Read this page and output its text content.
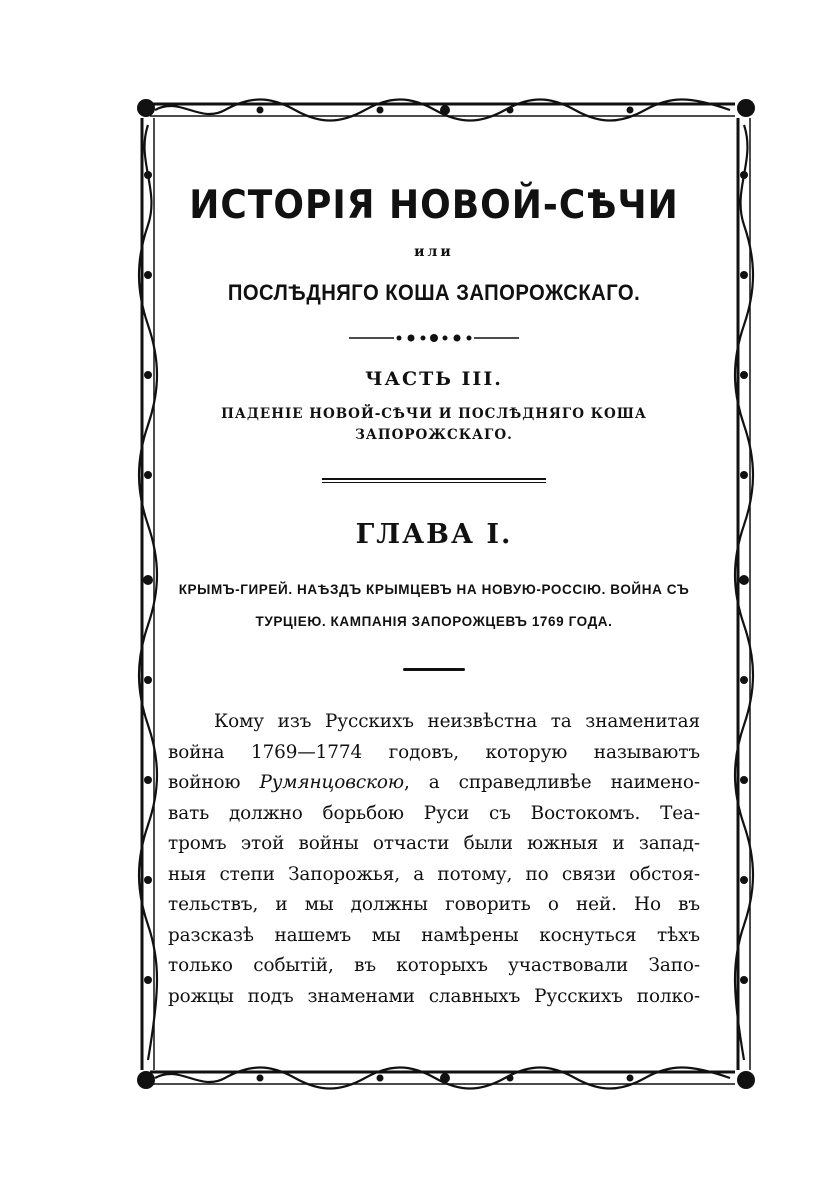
ИСТОРІЯ НОВОЙ-СѢЧИ
или
ПОСЛѢДНЯГО КОША ЗАПОРОЖСКАГО.
ЧАСТЬ III.
ПАДЕНІЕ НОВОЙ-СѢЧИ И ПОСЛѢДНЯГО КОША
ЗАПОРОЖСКАГО.
ГЛАВА I.
КРЫМЪ-ГИРЕЙ. НАѢЗДЪ КРЫМЦЕВЪ НА НОВУЮ-РОССІЮ. ВОЙНА СЪ
ТУРЦІЕЮ. КАМПАНІЯ ЗАПОРОЖЦЕВЪ 1769 ГОДА.
Кому изъ Русскихъ неизвѣстна та знаменитая
война 1769—1774 годовъ, которую называютъ
войною Румянцовскою, а справедливѣе наимено-
вать должно борьбою Руси съ Востокомъ. Теа-
тромъ этой войны отчасти были южныя и запад-
ныя степи Запорожья, а потому, по связи обстоя-
тельствъ, и мы должны говорить о ней. Но въ
разсказѣ нашемъ мы намѣрены коснуться тѣхъ
только событій, въ которыхъ участвовали Запо-
рожцы подъ знаменами славныхъ Русскихъ полко-
